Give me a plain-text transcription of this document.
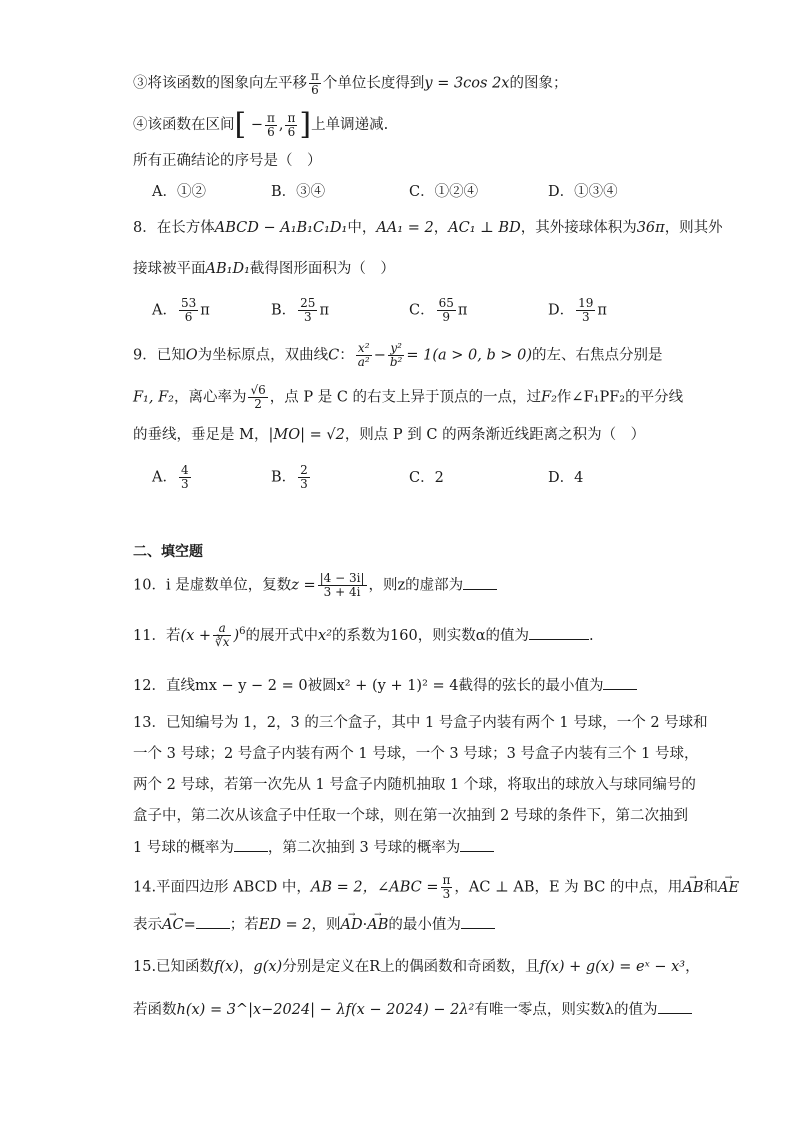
③将该函数的图象向左平移 $\frac{\pi}{6}$ 个单位长度得到y = 3cos 2x的图象；
④该函数在区间[ − $\frac{\pi}{6}$ , $\frac{\pi}{6}$ ]上单调递减.
所有正确结论的序号是（　）
A．①②	B．③④	C．①②④	D．①③④
8．在长方体ABCD − A₁B₁C₁D₁中，AA₁ = 2，AC₁ ⊥ BD，其外接球体积为36π，则其外
接球被平面AB₁D₁截得图形面积为（　）
A． $\frac{53}{6}$ π	B． $\frac{25}{3}$ π	C． $\frac{65}{9}$ π	D． $\frac{19}{3}$ π
9．已知O为坐标原点，双曲线C： $\frac{\text{x²}}{\text{a²}} - \frac{\text{y²}}{\text{b²}} = 1(a > 0$, b > 0)的左、右焦点分别是
F₁, F₂，离心率为 $\frac{√6}{2}$ ，点 P 是 C 的右支上异于顶点的一点，过F₂作∠F₁PF₂的平分线
的垂线，垂足是 M，|MO| = √2，则点 P 到 C 的两条渐近线距离之积为（　）
A． $\frac{4}{3}$	B． $\frac{2}{3}$	C．2	D．4
二、填空题
10．i 是虚数单位，复数$z = \frac{|4 - 3i|}{3 + 4i}$ ，则z的虚部为
11．若$(x + \frac{a}{∛x} )^6$的展开式中x²的系数为160，则实数α的值为	.
12．直线mx − y − 2 = 0被圆x² + (y + 1)² = 4截得的弦长的最小值为
13．已知编号为 1，2，3 的三个盒子，其中 1 号盒子内装有两个 1 号球，一个 2 号球和
一个 3 号球；2 号盒子内装有两个 1 号球，一个 3 号球；3 号盒子内装有三个 1 号球，
两个 2 号球，若第一次先从 1 号盒子内随机抽取 1 个球，将取出的球放入与球同编号的
盒子中，第二次从该盒子中任取一个球，则在第一次抽到 2 号球的条件下，第二次抽到
1 号球的概率为 ，第二次抽到 3 号球的概率为
14.平面四边形 ABCD 中，AB = 2，∠ABC = $\frac{\pi}{3}$ ，AC ⊥ AB，E 为 BC 的中点，用→ AB和→ AE
表示→ AC= ；若ED = 2，则→ AD·→ AB的最小值为
15.已知函数f(x)，g(x)分别是定义在R上的偶函数和奇函数，且f(x) + g(x) = eˣ − x³，
若函数h(x) = 3^|x−2024| − λf(x − 2024) − 2λ²有唯一零点，则实数λ的值为
